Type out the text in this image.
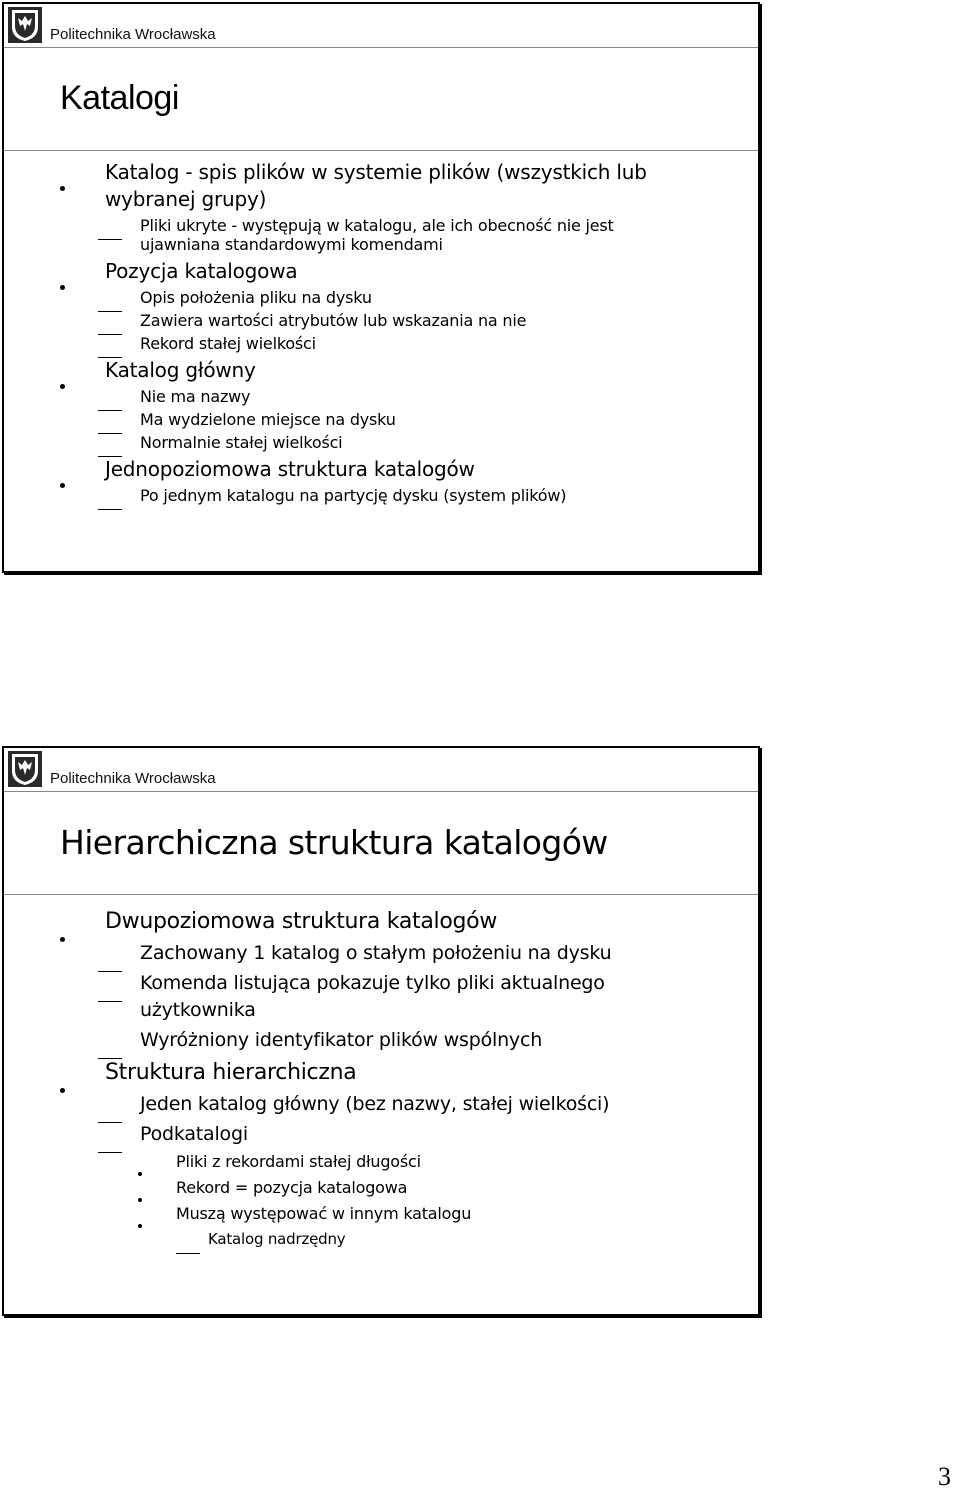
Politechnika Wrocławska
Katalogi
Katalog - spis plików w systemie plików (wszystkich lub
wybranej grupy)
Pliki ukryte - występują w katalogu, ale ich obecność nie jest
ujawniana standardowymi komendami
Pozycja katalogowa
Opis położenia pliku na dysku
Zawiera wartości atrybutów lub wskazania na nie
Rekord stałej wielkości
Katalog główny
Nie ma nazwy
Ma wydzielone miejsce na dysku
Normalnie stałej wielkości
Jednopoziomowa struktura katalogów
Po jednym katalogu na partycję dysku (system plików)
Politechnika Wrocławska
Hierarchiczna struktura katalogów
Dwupoziomowa struktura katalogów
Zachowany 1 katalog o stałym położeniu na dysku
Komenda listująca pokazuje tylko pliki aktualnego
użytkownika
Wyróżniony identyfikator plików wspólnych
Struktura hierarchiczna
Jeden katalog główny (bez nazwy, stałej wielkości)
Podkatalogi
Pliki z rekordami stałej długości
Rekord = pozycja katalogowa
Muszą występować w innym katalogu
Katalog nadrzędny
3
